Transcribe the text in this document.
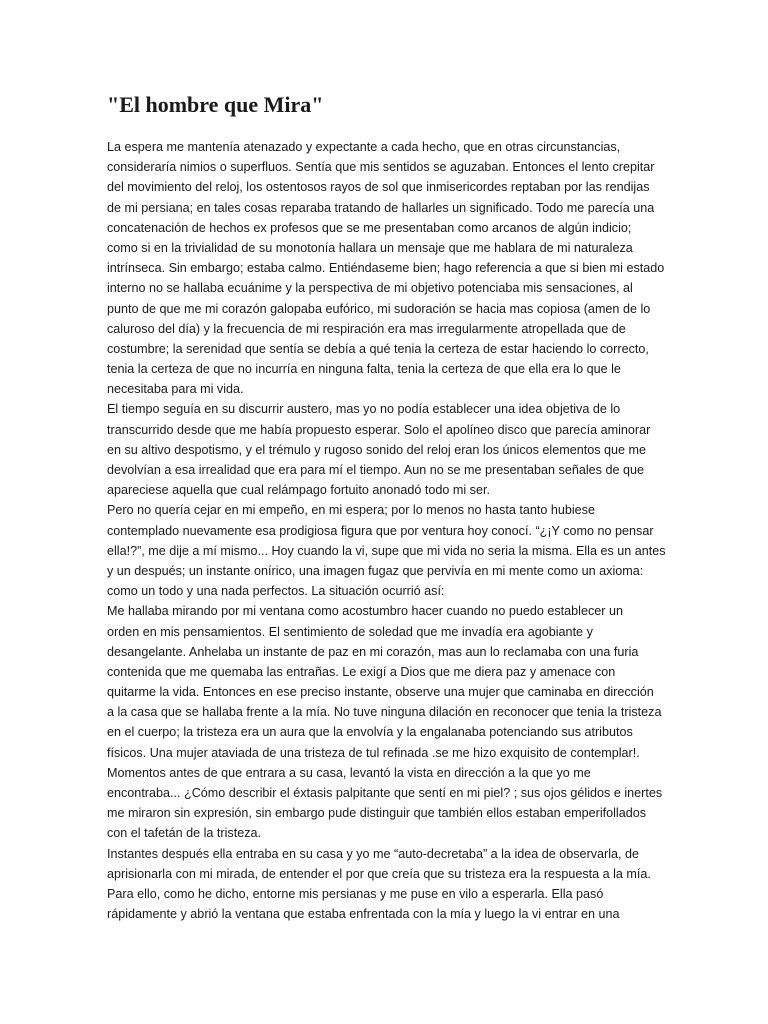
"El hombre que Mira"
La espera me mantenía atenazado y expectante a cada hecho, que en otras circunstancias,
consideraría nimios o superfluos. Sentía que mis sentidos se aguzaban. Entonces el lento crepitar
del movimiento del reloj, los ostentosos rayos de sol que inmisericordes reptaban por las rendijas
de mi persiana; en tales cosas reparaba tratando de hallarles un significado. Todo me parecía una
concatenación de hechos ex profesos que se me presentaban como arcanos de algún indicio;
como si en la trivialidad de su monotonía hallara un mensaje que me hablara de mi naturaleza
intrínseca. Sin embargo; estaba calmo. Entiéndaseme bien; hago referencia a que si bien mi estado
interno no se hallaba ecuánime y la perspectiva de mi objetivo potenciaba mis sensaciones, al
punto de que me mi corazón galopaba eufórico, mi sudoración se hacia mas copiosa (amen de lo
caluroso del día) y la frecuencia de mi respiración era mas irregularmente atropellada que de
costumbre; la serenidad que sentía se debía a qué tenia la certeza de estar haciendo lo correcto,
tenia la certeza de que no incurría en ninguna falta, tenia la certeza de que ella era lo que le
necesitaba para mi vida.
El tiempo seguía en su discurrir austero, mas yo no podía establecer una idea objetiva de lo
transcurrido desde que me había propuesto esperar. Solo el apolíneo disco que parecía aminorar
en su altivo despotismo, y el trémulo y rugoso sonido del reloj eran los únicos elementos que me
devolvían a esa irrealidad que era para mí el tiempo. Aun no se me presentaban señales de que
apareciese aquella que cual relámpago fortuito anonadó todo mi ser.
Pero no quería cejar en mi empeño, en mi espera; por lo menos no hasta tanto hubiese
contemplado nuevamente esa prodigiosa figura que por ventura hoy conocí. “¿¡Y como no pensar
ella!?”, me dije a mí mismo... Hoy cuando la vi, supe que mi vida no seria la misma. Ella es un antes
y un después; un instante onírico, una imagen fugaz que pervivía en mi mente como un axioma:
como un todo y una nada perfectos. La situación ocurrió así:
Me hallaba mirando por mi ventana como acostumbro hacer cuando no puedo establecer un
orden en mis pensamientos. El sentimiento de soledad que me invadía era agobiante y
desangelante. Anhelaba un instante de paz en mi corazón, mas aun lo reclamaba con una furia
contenida que me quemaba las entrañas. Le exigí a Dios que me diera paz y amenace con
quitarme la vida. Entonces en ese preciso instante, observe una mujer que caminaba en dirección
a la casa que se hallaba frente a la mía. No tuve ninguna dilación en reconocer que tenia la tristeza
en el cuerpo; la tristeza era un aura que la envolvía y la engalanaba potenciando sus atributos
físicos. Una mujer ataviada de una tristeza de tul refinada .se me hizo exquisito de contemplar!.
Momentos antes de que entrara a su casa, levantó la vista en dirección a la que yo me
encontraba... ¿Cómo describir el éxtasis palpitante que sentí en mi piel? ; sus ojos gélidos e inertes
me miraron sin expresión, sin embargo pude distinguir que también ellos estaban emperifollados
con el tafetán de la tristeza.
Instantes después ella entraba en su casa y yo me “auto-decretaba” a la idea de observarla, de
aprisionarla con mi mirada, de entender el por que creía que su tristeza era la respuesta a la mía.
Para ello, como he dicho, entorne mis persianas y me puse en vilo a esperarla. Ella pasó
rápidamente y abrió la ventana que estaba enfrentada con la mía y luego la vi entrar en una
